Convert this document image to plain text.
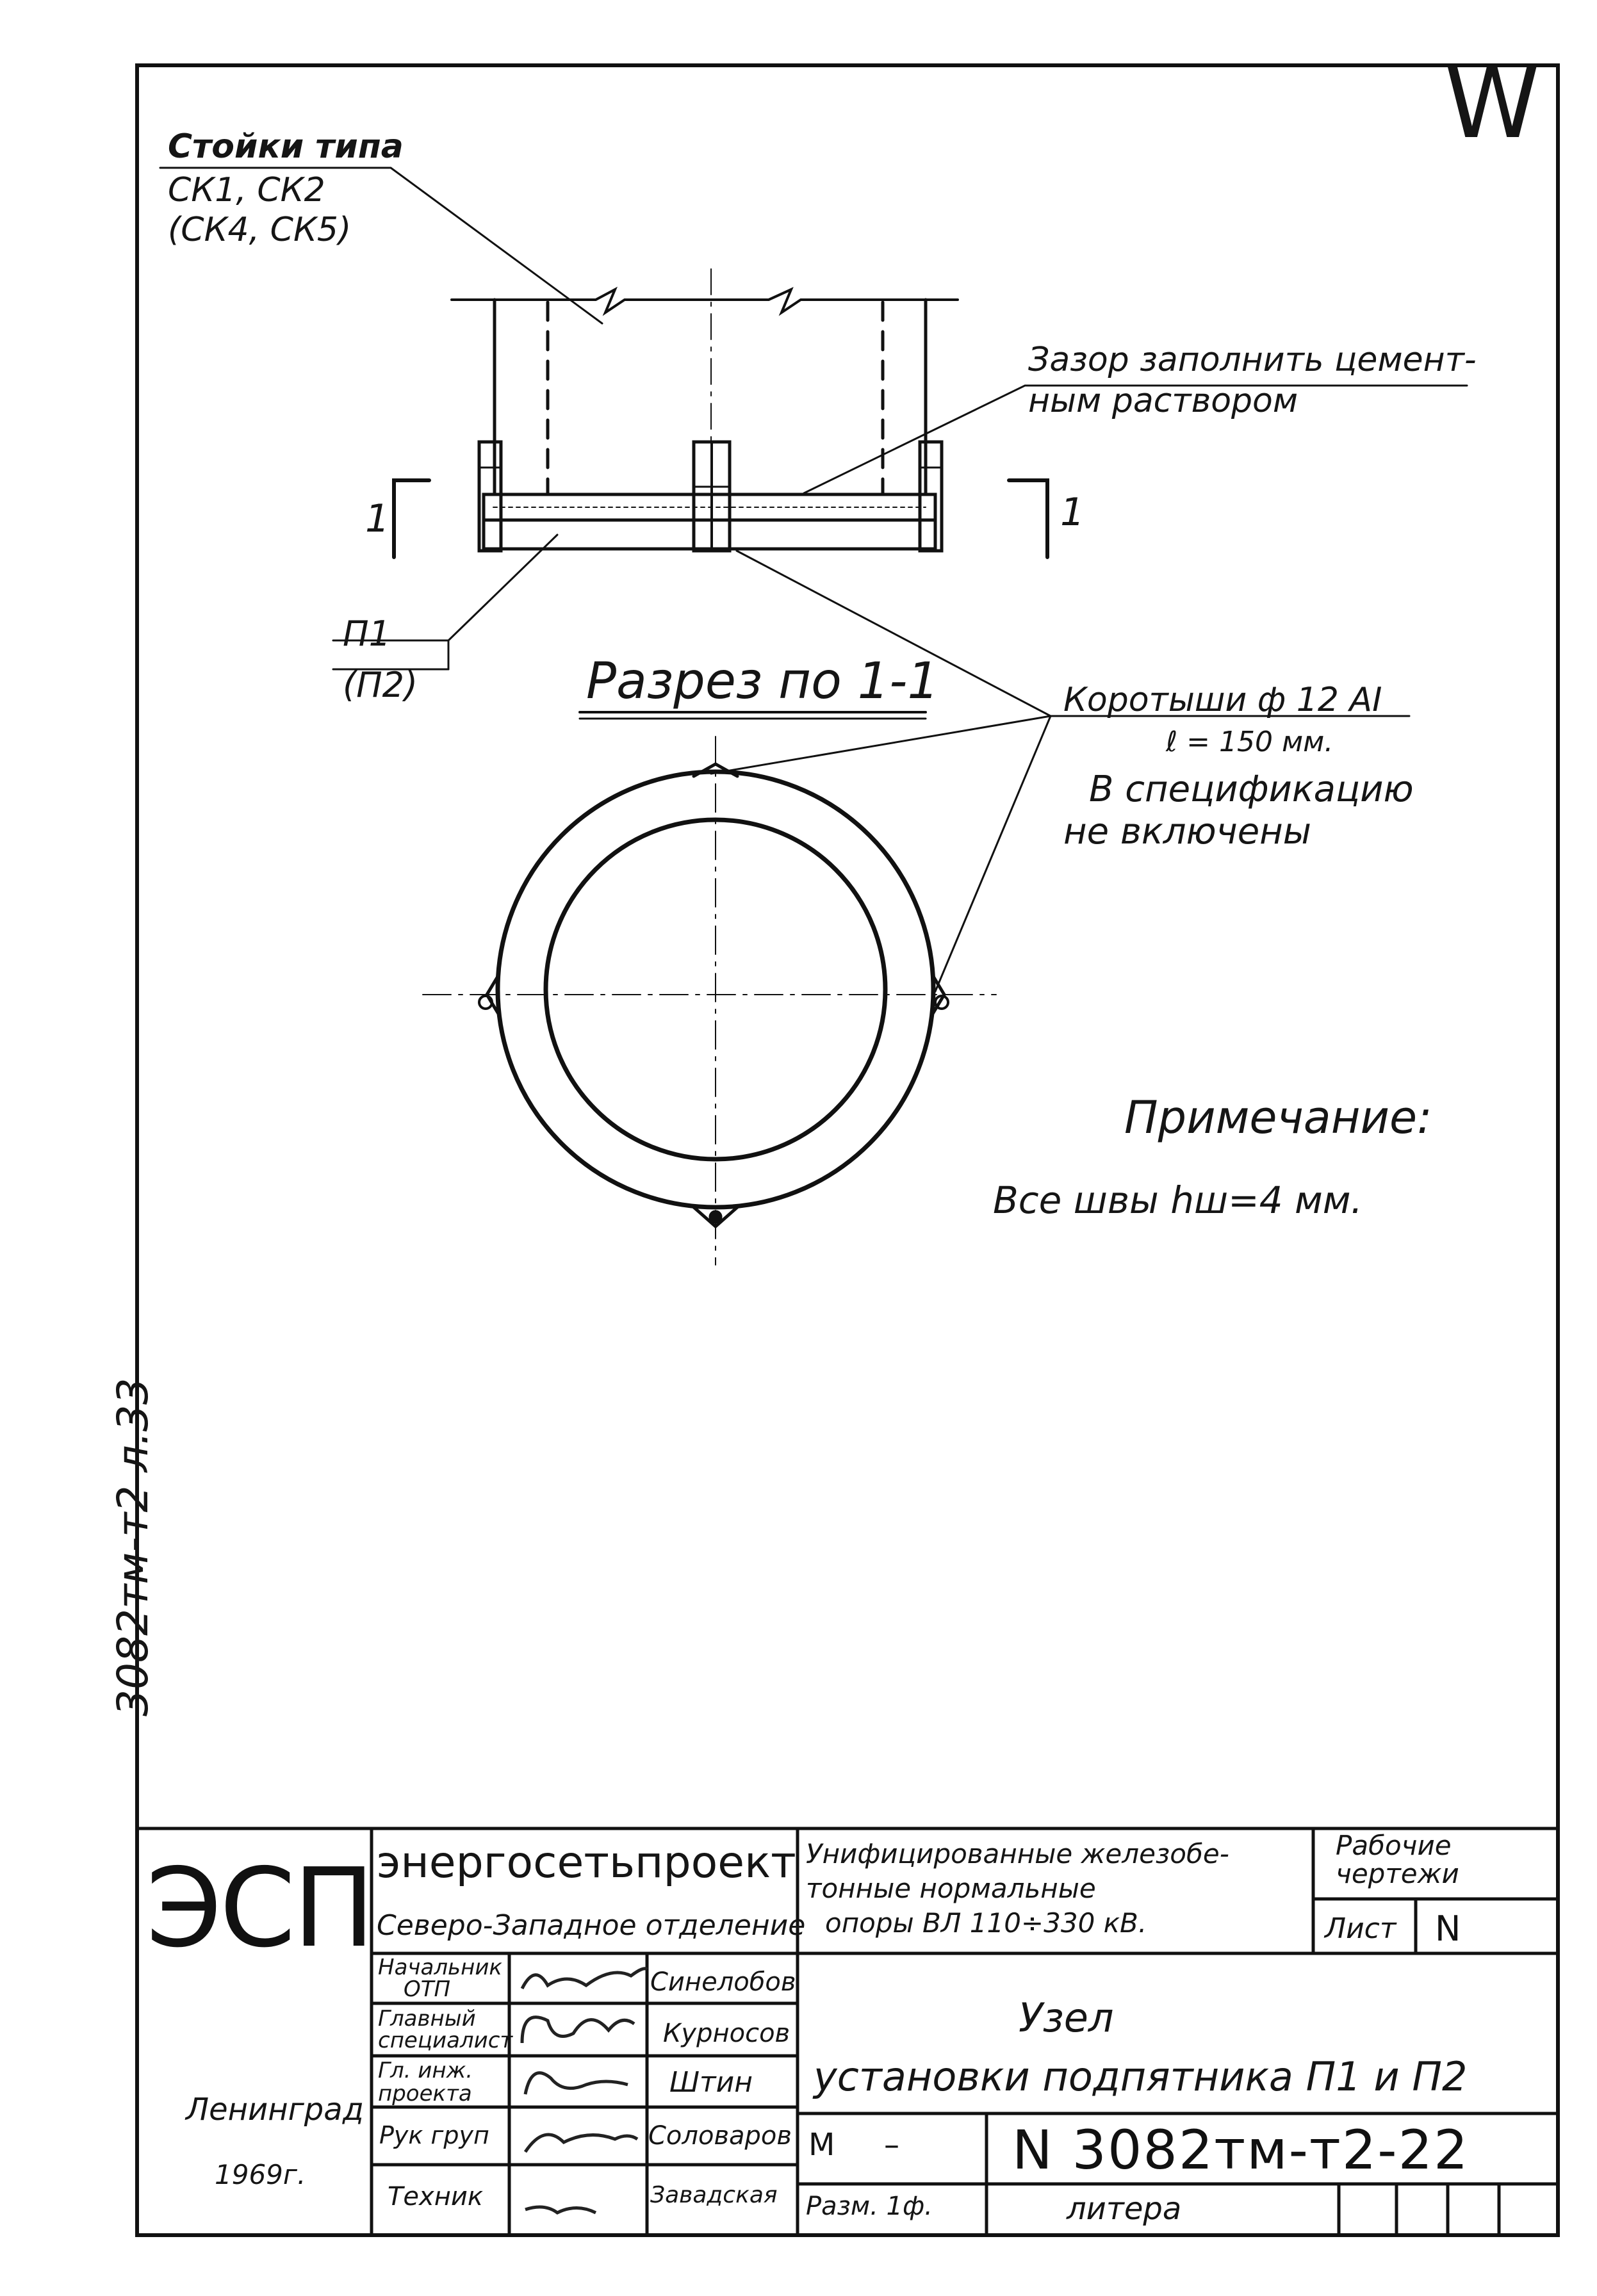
W
3082тм-т2 л.33
Стойки типа
СК1, СК2
(СК4, СК5)
Зазор заполнить цемент-
ным раствором
1	1
П1
(П2)	Разрез по 1-1	Коротыши ф 12 АI
ℓ = 150 мм.
В спецификацию
не включены
Примечание:
Все швы hш=4 мм.
ЭСП энергосетьпроект
Северо-Западное отделение
Унифицированные железобе-
тонные нормальные
опоры ВЛ 110÷330 кВ.
Рабочие
чертежи
Лист N
Узел
установки подпятника П1 и П2
Начальник
ОТП	Синелобов
Главный
специалист	Курносов
Гл. инж.
проекта	Штин
Рук груп	Соловаров
Техник	Завадская
Ленинград
1969г.
М – N 3082тм-т2-22
Разм. 1ф.	литера
